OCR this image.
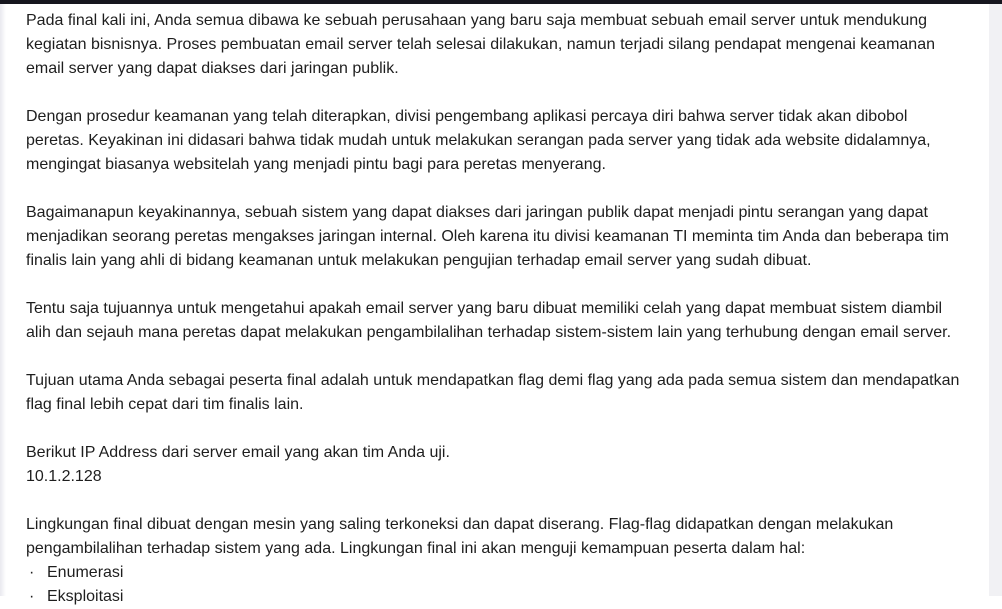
Pada final kali ini, Anda semua dibawa ke sebuah perusahaan yang baru saja membuat sebuah email server untuk mendukung kegiatan bisnisnya. Proses pembuatan email server telah selesai dilakukan, namun terjadi silang pendapat mengenai keamanan email server yang dapat diakses dari jaringan publik.

Dengan prosedur keamanan yang telah diterapkan, divisi pengembang aplikasi percaya diri bahwa server tidak akan dibobol peretas. Keyakinan ini didasari bahwa tidak mudah untuk melakukan serangan pada server yang tidak ada website didalamnya, mengingat biasanya websitelah yang menjadi pintu bagi para peretas menyerang.

Bagaimanapun keyakinannya, sebuah sistem yang dapat diakses dari jaringan publik dapat menjadi pintu serangan yang dapat menjadikan seorang peretas mengakses jaringan internal. Oleh karena itu divisi keamanan TI meminta tim Anda dan beberapa tim finalis lain yang ahli di bidang keamanan untuk melakukan pengujian terhadap email server yang sudah dibuat.

Tentu saja tujuannya untuk mengetahui apakah email server yang baru dibuat memiliki celah yang dapat membuat sistem diambil alih dan sejauh mana peretas dapat melakukan pengambilalihan terhadap sistem-sistem lain yang terhubung dengan email server.

Tujuan utama Anda sebagai peserta final adalah untuk mendapatkan flag demi flag yang ada pada semua sistem dan mendapatkan flag final lebih cepat dari tim finalis lain.

Berikut IP Address dari server email yang akan tim Anda uji.

10.1.2.128

Lingkungan final dibuat dengan mesin yang saling terkoneksi dan dapat diserang. Flag-flag didapatkan dengan melakukan pengambilalihan terhadap sistem yang ada. Lingkungan final ini akan menguji kemampuan peserta dalam hal:

· Enumerasi
· Eksploitasi
